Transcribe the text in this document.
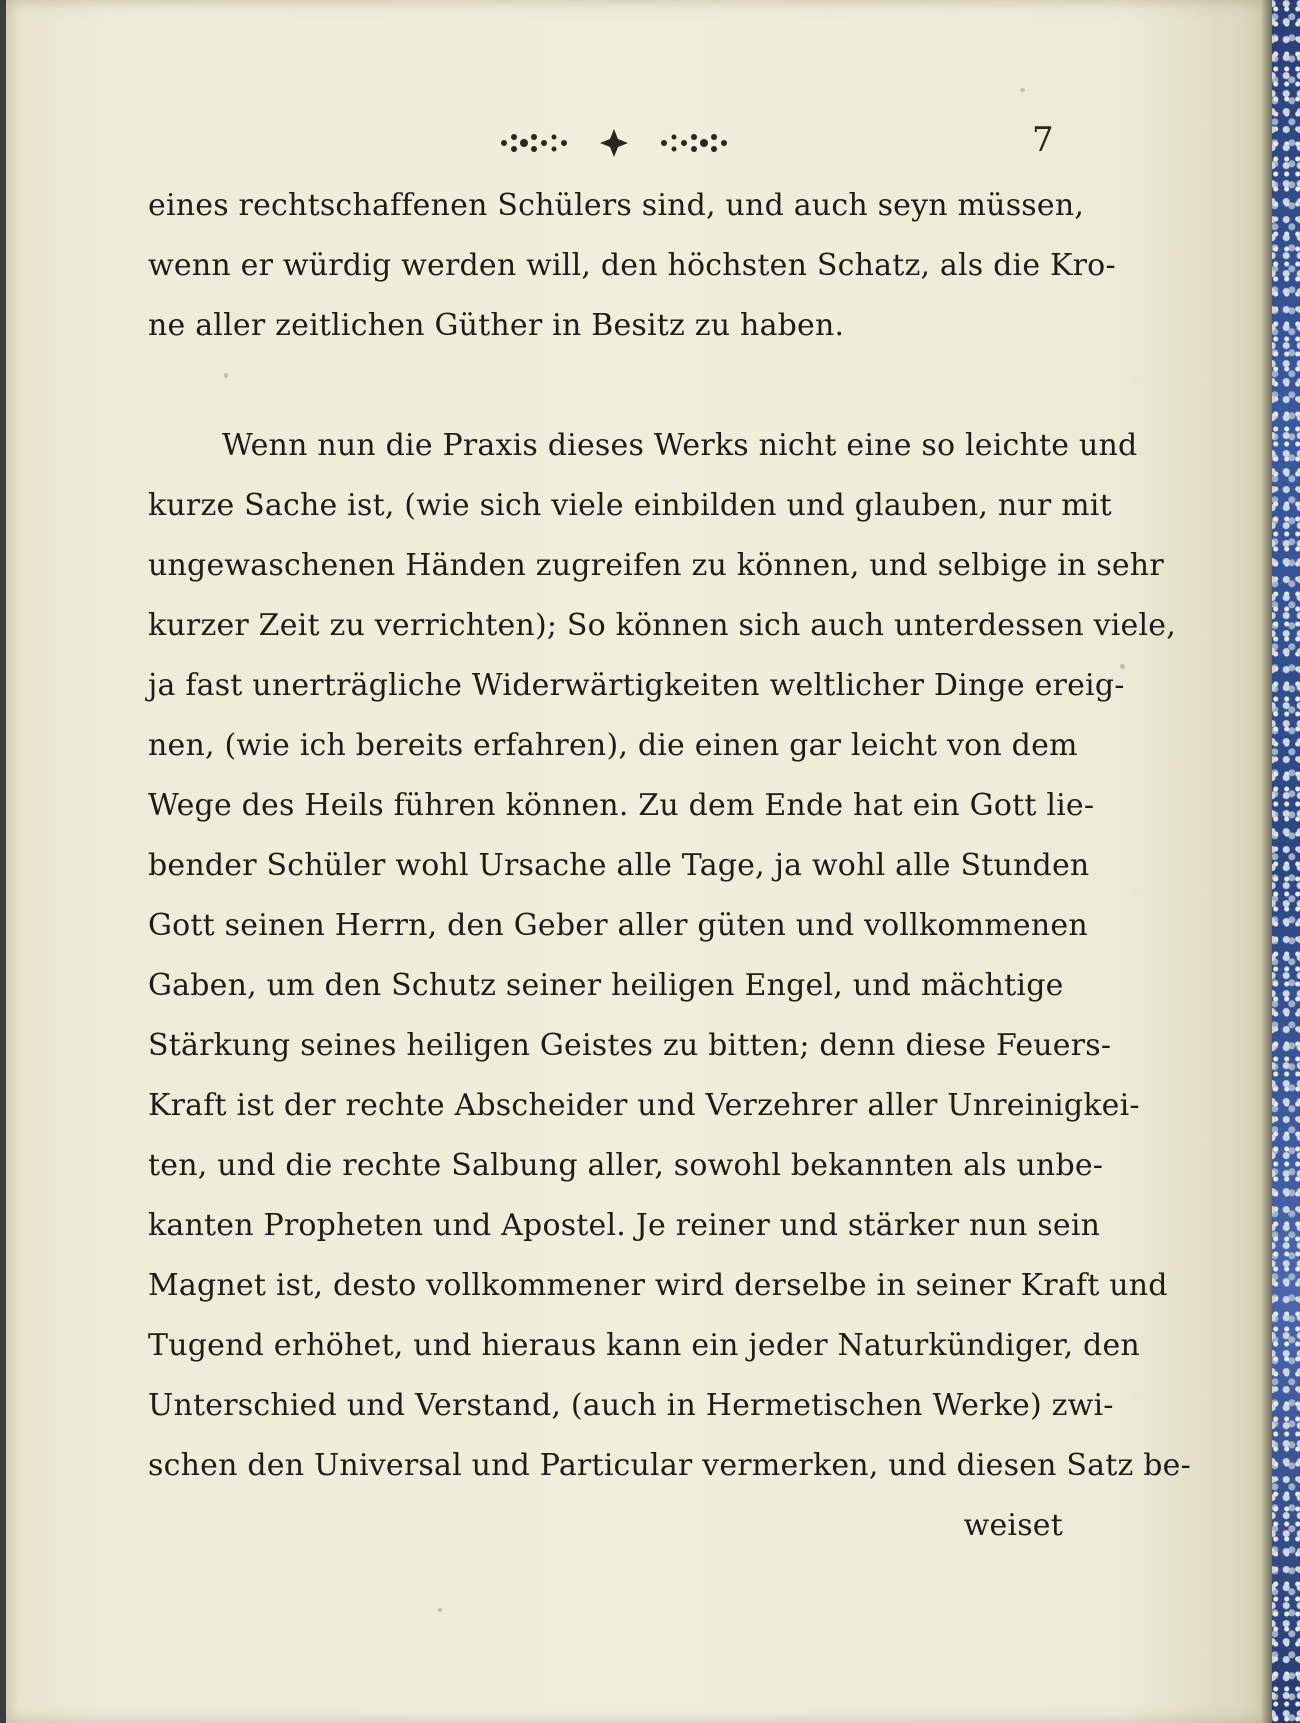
7
eines rechtschaffenen Schülers sind, und auch seyn müssen,
wenn er würdig werden will, den höchsten Schatz, als die Kro-
ne aller zeitlichen Güther in Besitz zu haben.
Wenn nun die Praxis dieses Werks nicht eine so leichte und
kurze Sache ist, (wie sich viele einbilden und glauben, nur mit
ungewaschenen Händen zugreifen zu können, und selbige in sehr
kurzer Zeit zu verrichten); So können sich auch unterdessen viele,
ja fast unerträgliche Widerwärtigkeiten weltlicher Dinge ereig-
nen, (wie ich bereits erfahren), die einen gar leicht von dem
Wege des Heils führen können. Zu dem Ende hat ein Gott lie-
bender Schüler wohl Ursache alle Tage, ja wohl alle Stunden
Gott seinen Herrn, den Geber aller güten und vollkommenen
Gaben, um den Schutz seiner heiligen Engel, und mächtige
Stärkung seines heiligen Geistes zu bitten; denn diese Feuers-
Kraft ist der rechte Abscheider und Verzehrer aller Unreinigkei-
ten, und die rechte Salbung aller, sowohl bekannten als unbe-
kanten Propheten und Apostel. Je reiner und stärker nun sein
Magnet ist, desto vollkommener wird derselbe in seiner Kraft und
Tugend erhöhet, und hieraus kann ein jeder Naturkündiger, den
Unterschied und Verstand, (auch in Hermetischen Werke) zwi-
schen den Universal und Particular vermerken, und diesen Satz be-
weiset
